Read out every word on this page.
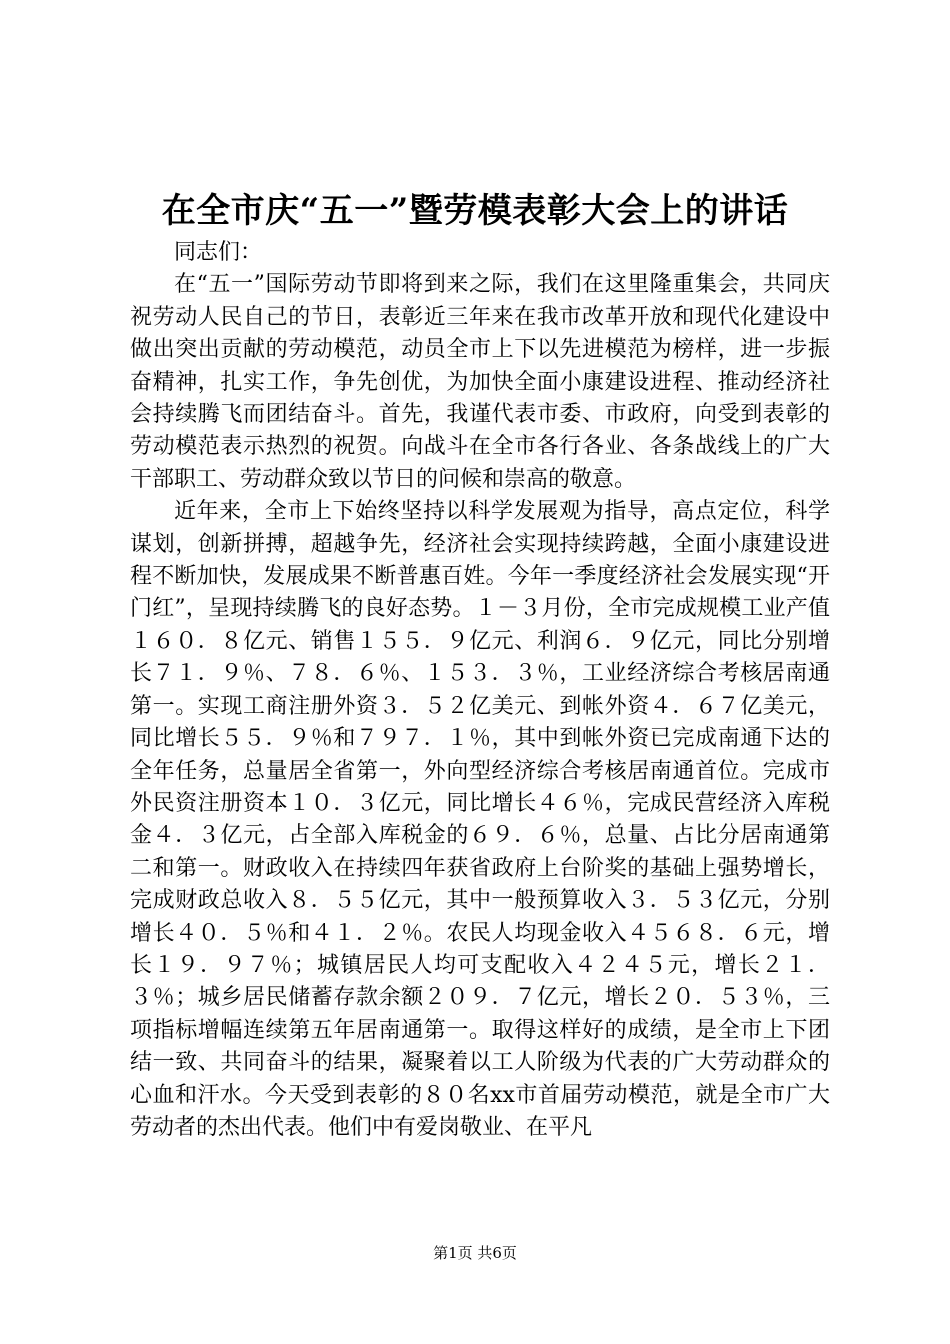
在全市庆“五一”暨劳模表彰大会上的讲话

同志们：

在“五一”国际劳动节即将到来之际，我们在这里隆重集会，共同庆祝劳动人民自己的节日，表彰近三年来在我市改革开放和现代化建设中做出突出贡献的劳动模范，动员全市上下以先进模范为榜样，进一步振奋精神，扎实工作，争先创优，为加快全面小康建设进程、推动经济社会持续腾飞而团结奋斗。首先，我谨代表市委、市政府，向受到表彰的劳动模范表示热烈的祝贺。向战斗在全市各行各业、各条战线上的广大干部职工、劳动群众致以节日的问候和崇高的敬意。

近年来，全市上下始终坚持以科学发展观为指导，高点定位，科学谋划，创新拼搏，超越争先，经济社会实现持续跨越，全面小康建设进程不断加快，发展成果不断普惠百姓。今年一季度经济社会发展实现“开门红”，呈现持续腾飞的良好态势。１－３月份，全市完成规模工业产值１６０．８亿元、销售１５５．９亿元、利润６．９亿元，同比分别增长７１．９％、７８．６％、１５３．３％，工业经济综合考核居南通第一。实现工商注册外资３．５２亿美元、到帐外资４．６７亿美元，同比增长５５．９％和７９７．１％，其中到帐外资已完成南通下达的全年任务，总量居全省第一，外向型经济综合考核居南通首位。完成市外民资注册资本１０．３亿元，同比增长４６％，完成民营经济入库税金４．３亿元，占全部入库税金的６９．６％，总量、占比分居南通第二和第一。财政收入在持续四年获省政府上台阶奖的基础上强势增长，完成财政总收入８．５５亿元，其中一般预算收入３．５３亿元，分别增长４０．５％和４１．２％。农民人均现金收入４５６８．６元，增长１９．９７％；城镇居民人均可支配收入４２４５元，增长２１．３％；城乡居民储蓄存款余额２０９．７亿元，增长２０．５３％，三项指标增幅连续第五年居南通第一。取得这样好的成绩，是全市上下团结一致、共同奋斗的结果，凝聚着以工人阶级为代表的广大劳动群众的心血和汗水。今天受到表彰的８０名xx市首届劳动模范，就是全市广大劳动者的杰出代表。他们中有爱岗敬业、在平凡

第1页 共6页
